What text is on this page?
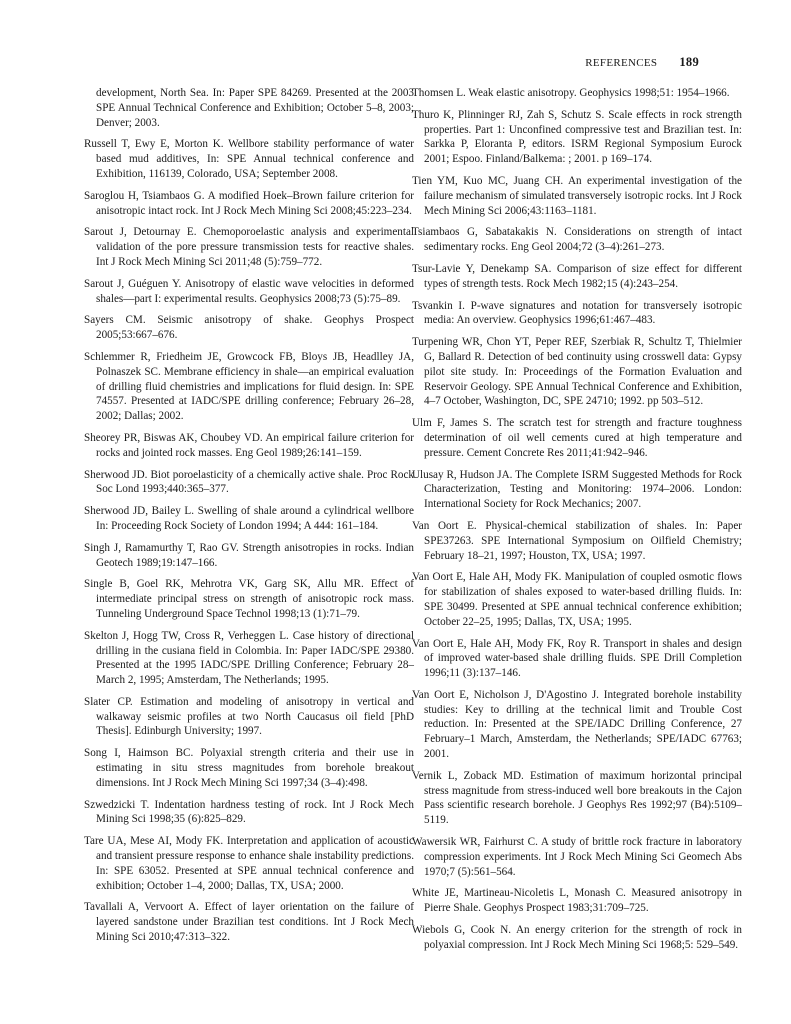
REFERENCES 189

development, North Sea. In: Paper SPE 84269. Presented at the 2003 SPE Annual Technical Conference and Exhibition; October 5–8, 2003; Denver; 2003.

Russell T, Ewy E, Morton K. Wellbore stability performance of water based mud additives, In: SPE Annual technical conference and Exhibition, 116139, Colorado, USA; September 2008.

Saroglou H, Tsiambaos G. A modified Hoek–Brown failure criterion for anisotropic intact rock. Int J Rock Mech Mining Sci 2008;45:223–234.

Sarout J, Detournay E. Chemoporoelastic analysis and experimental validation of the pore pressure transmission tests for reactive shales. Int J Rock Mech Mining Sci 2011;48 (5):759–772.

Sarout J, Guéguen Y. Anisotropy of elastic wave velocities in deformed shales—part I: experimental results. Geophysics 2008;73 (5):75–89.

Sayers CM. Seismic anisotropy of shake. Geophys Prospect 2005;53:667–676.

Schlemmer R, Friedheim JE, Growcock FB, Bloys JB, Headlley JA, Polnaszek SC. Membrane efficiency in shale—an empirical evaluation of drilling fluid chemistries and implications for fluid design. In: SPE 74557. Presented at IADC/SPE drilling conference; February 26–28, 2002; Dallas; 2002.

Sheorey PR, Biswas AK, Choubey VD. An empirical failure criterion for rocks and jointed rock masses. Eng Geol 1989;26:141–159.

Sherwood JD. Biot poroelasticity of a chemically active shale. Proc Rock Soc Lond 1993;440:365–377.

Sherwood JD, Bailey L. Swelling of shale around a cylindrical wellbore In: Proceeding Rock Society of London 1994; A 444: 161–184.

Singh J, Ramamurthy T, Rao GV. Strength anisotropies in rocks. Indian Geotech 1989;19:147–166.

Single B, Goel RK, Mehrotra VK, Garg SK, Allu MR. Effect of intermediate principal stress on strength of anisotropic rock mass. Tunneling Underground Space Technol 1998;13 (1):71–79.

Skelton J, Hogg TW, Cross R, Verheggen L. Case history of directional drilling in the cusiana field in Colombia. In: Paper IADC/SPE 29380. Presented at the 1995 IADC/SPE Drilling Conference; February 28–March 2, 1995; Amsterdam, The Netherlands; 1995.

Slater CP. Estimation and modeling of anisotropy in vertical and walkaway seismic profiles at two North Caucasus oil field [PhD Thesis]. Edinburgh University; 1997.

Song I, Haimson BC. Polyaxial strength criteria and their use in estimating in situ stress magnitudes from borehole breakout dimensions. Int J Rock Mech Mining Sci 1997;34 (3–4):498.

Szwedzicki T. Indentation hardness testing of rock. Int J Rock Mech Mining Sci 1998;35 (6):825–829.

Tare UA, Mese AI, Mody FK. Interpretation and application of acoustic and transient pressure response to enhance shale instability predictions. In: SPE 63052. Presented at SPE annual technical conference and exhibition; October 1–4, 2000; Dallas, TX, USA; 2000.

Tavallali A, Vervoort A. Effect of layer orientation on the failure of layered sandstone under Brazilian test conditions. Int J Rock Mech Mining Sci 2010;47:313–322.

Thomsen L. Weak elastic anisotropy. Geophysics 1998;51: 1954–1966.

Thuro K, Plinninger RJ, Zah S, Schutz S. Scale effects in rock strength properties. Part 1: Unconfined compressive test and Brazilian test. In: Sarkka P, Eloranta P, editors. ISRM Regional Symposium Eurock 2001; Espoo. Finland/Balkema: ; 2001. p 169–174.

Tien YM, Kuo MC, Juang CH. An experimental investigation of the failure mechanism of simulated transversely isotropic rocks. Int J Rock Mech Mining Sci 2006;43:1163–1181.

Tsiambaos G, Sabatakakis N. Considerations on strength of intact sedimentary rocks. Eng Geol 2004;72 (3–4):261–273.

Tsur-Lavie Y, Denekamp SA. Comparison of size effect for different types of strength tests. Rock Mech 1982;15 (4):243–254.

Tsvankin I. P-wave signatures and notation for transversely isotropic media: An overview. Geophysics 1996;61:467–483.

Turpening WR, Chon YT, Peper REF, Szerbiak R, Schultz T, Thielmier G, Ballard R. Detection of bed continuity using crosswell data: Gypsy pilot site study. In: Proceedings of the Formation Evaluation and Reservoir Geology. SPE Annual Technical Conference and Exhibition, 4–7 October, Washington, DC, SPE 24710; 1992. pp 503–512.

Ulm F, James S. The scratch test for strength and fracture toughness determination of oil well cements cured at high temperature and pressure. Cement Concrete Res 2011;41:942–946.

Ulusay R, Hudson JA. The Complete ISRM Suggested Methods for Rock Characterization, Testing and Monitoring: 1974–2006. London: International Society for Rock Mechanics; 2007.

Van Oort E. Physical-chemical stabilization of shales. In: Paper SPE37263. SPE International Symposium on Oilfield Chemistry; February 18–21, 1997; Houston, TX, USA; 1997.

Van Oort E, Hale AH, Mody FK. Manipulation of coupled osmotic flows for stabilization of shales exposed to water-based drilling fluids. In: SPE 30499. Presented at SPE annual technical conference exhibition; October 22–25, 1995; Dallas, TX, USA; 1995.

Van Oort E, Hale AH, Mody FK, Roy R. Transport in shales and design of improved water-based shale drilling fluids. SPE Drill Completion 1996;11 (3):137–146.

Van Oort E, Nicholson J, D'Agostino J. Integrated borehole instability studies: Key to drilling at the technical limit and Trouble Cost reduction. In: Presented at the SPE/IADC Drilling Conference, 27 February–1 March, Amsterdam, the Netherlands; SPE/IADC 67763; 2001.

Vernik L, Zoback MD. Estimation of maximum horizontal principal stress magnitude from stress-induced well bore breakouts in the Cajon Pass scientific research borehole. J Geophys Res 1992;97 (B4):5109–5119.

Wawersik WR, Fairhurst C. A study of brittle rock fracture in laboratory compression experiments. Int J Rock Mech Mining Sci Geomech Abs 1970;7 (5):561–564.

White JE, Martineau-Nicoletis L, Monash C. Measured anisotropy in Pierre Shale. Geophys Prospect 1983;31:709–725.

Wiebols G, Cook N. An energy criterion for the strength of rock in polyaxial compression. Int J Rock Mech Mining Sci 1968;5: 529–549.
